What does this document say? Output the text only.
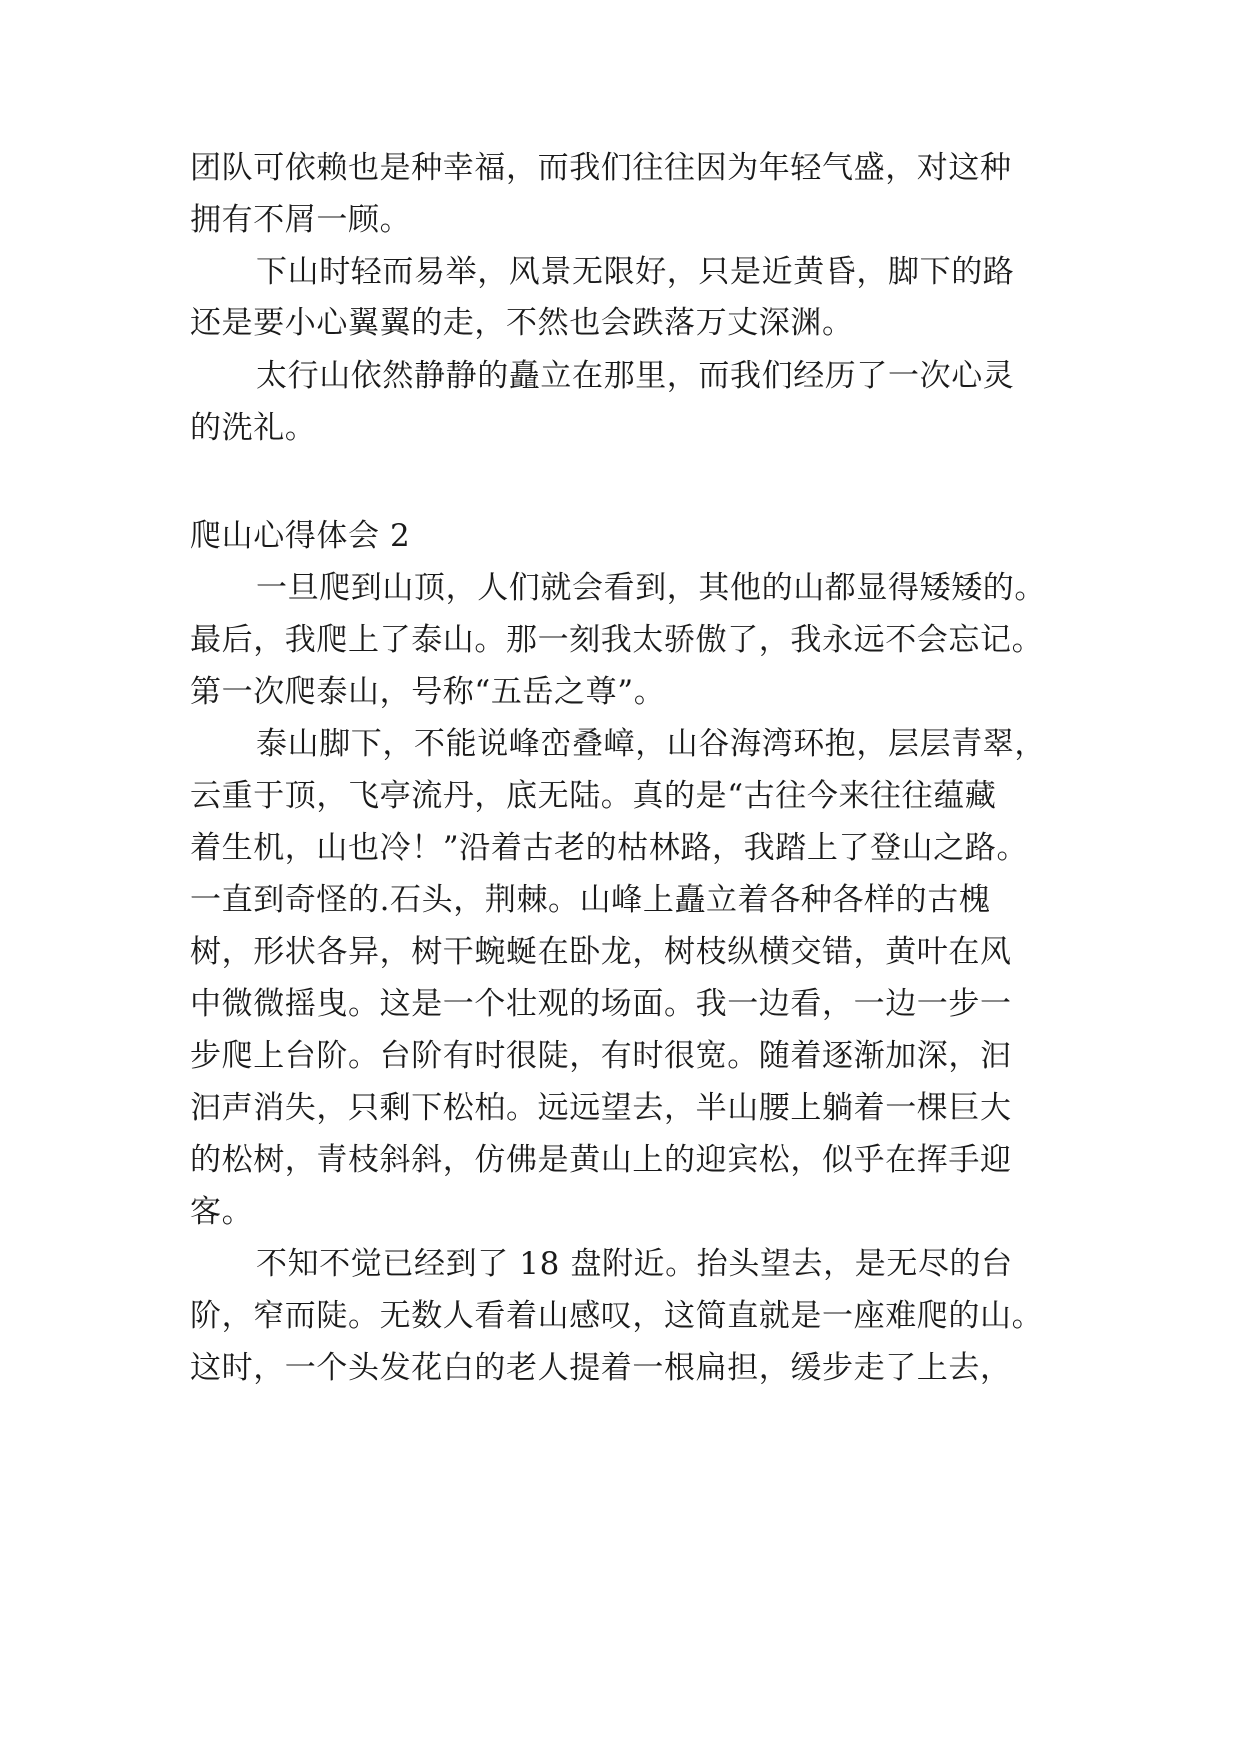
团队可依赖也是种幸福，而我们往往因为年轻气盛，对这种
拥有不屑一顾。
下山时轻而易举，风景无限好，只是近黄昏，脚下的路
还是要小心翼翼的走，不然也会跌落万丈深渊。
太行山依然静静的矗立在那里，而我们经历了一次心灵
的洗礼。
爬山心得体会 2
一旦爬到山顶，人们就会看到，其他的山都显得矮矮的。
最后，我爬上了泰山。那一刻我太骄傲了，我永远不会忘记。
第一次爬泰山，号称“五岳之尊”。
泰山脚下，不能说峰峦叠嶂，山谷海湾环抱，层层青翠，
云重于顶，飞亭流丹，底无陆。真的是“古往今来往往蕴藏
着生机，山也冷！”沿着古老的枯林路，我踏上了登山之路。
一直到奇怪的.石头，荆棘。山峰上矗立着各种各样的古槐
树，形状各异，树干蜿蜒在卧龙，树枝纵横交错，黄叶在风
中微微摇曳。这是一个壮观的场面。我一边看，一边一步一
步爬上台阶。台阶有时很陡，有时很宽。随着逐渐加深，汩
汩声消失，只剩下松柏。远远望去，半山腰上躺着一棵巨大
的松树，青枝斜斜，仿佛是黄山上的迎宾松，似乎在挥手迎
客。
不知不觉已经到了 18 盘附近。抬头望去，是无尽的台
阶，窄而陡。无数人看着山感叹，这简直就是一座难爬的山。
这时，一个头发花白的老人提着一根扁担，缓步走了上去，
